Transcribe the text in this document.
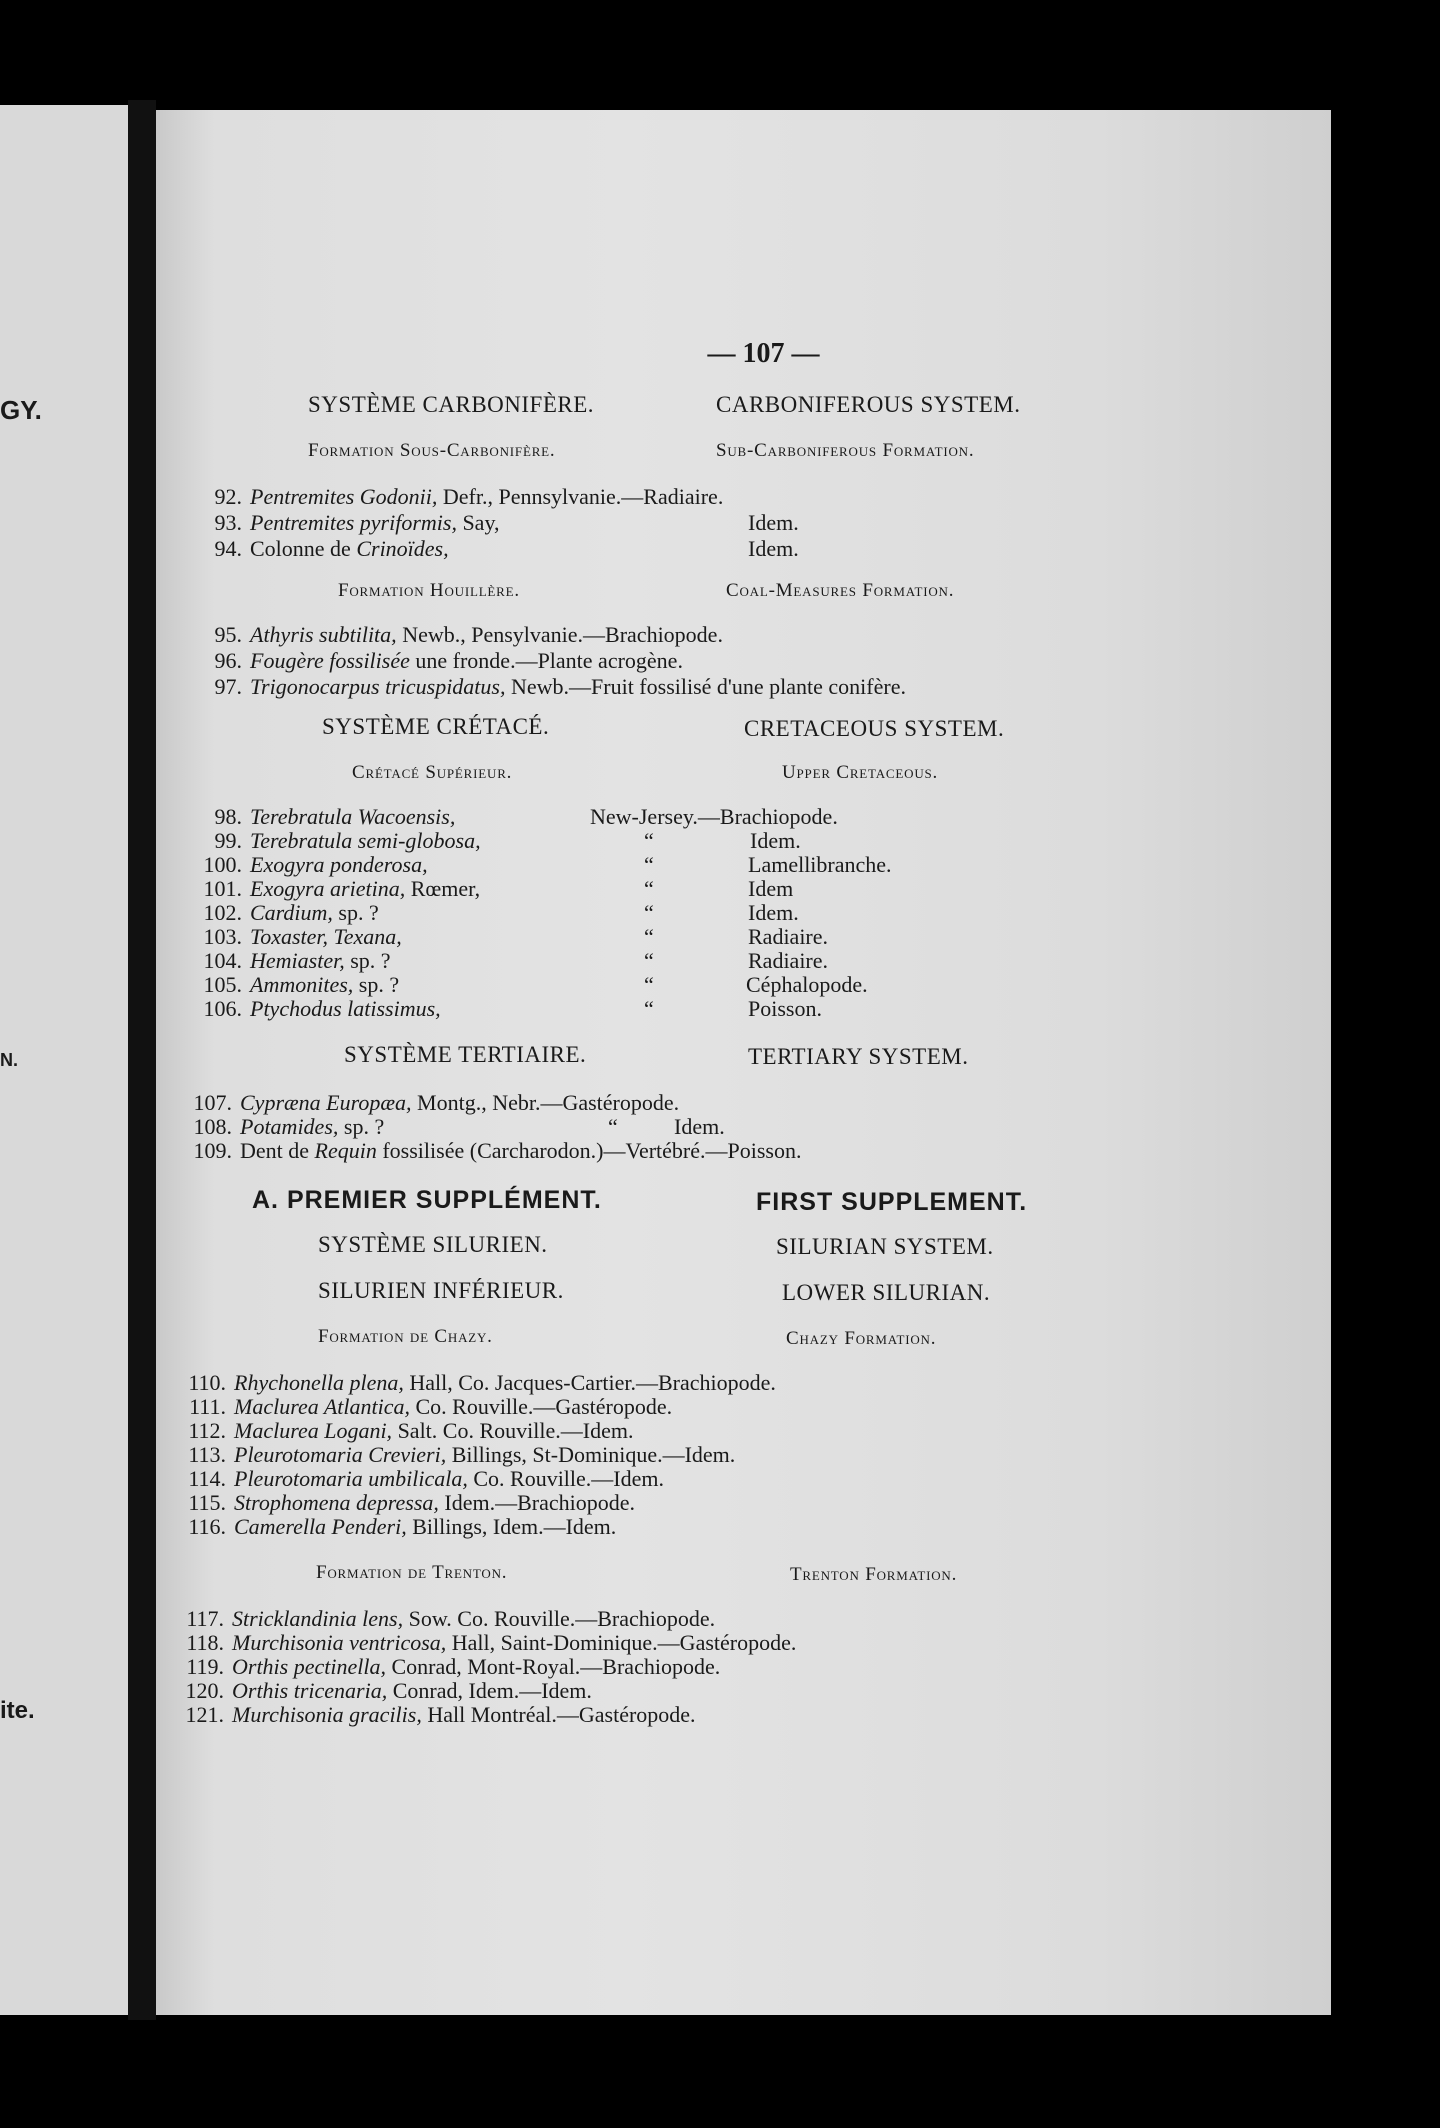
GY.
N.
ite.
— 107 —
SYSTÈME CARBONIFÈRE.	CARBONIFEROUS SYSTEM.
Formation Sous-Carbonifère.	Sub-Carboniferous Formation.
92. Pentremites Godonii, Defr., Pennsylvanie.—Radiaire.
93. Pentremites pyriformis, Say,	Idem.
94. Colonne de Crinoïdes,	Idem.
Formation Houillère.	Coal-Measures Formation.
95. Athyris subtilita, Newb., Pensylvanie.—Brachiopode.
96. Fougère fossilisée une fronde.—Plante acrogène.
97. Trigonocarpus tricuspidatus, Newb.—Fruit fossilisé d'une plante conifère.
SYSTÈME CRÉTACÉ.	CRETACEOUS SYSTEM.
Crétacé Supérieur.	Upper Cretaceous.
98. Terebratula Wacoensis,	New-Jersey.—Brachiopode.
99. Terebratula semi-globosa,	“	Idem.
100. Exogyra ponderosa,	“	Lamellibranche.
101. Exogyra arietina, Rœmer,	“	Idem
102. Cardium, sp. ?	“	Idem.
103. Toxaster, Texana,	“	Radiaire.
104. Hemiaster, sp. ?	“	Radiaire.
105. Ammonites, sp. ?	“	Céphalopode.
106. Ptychodus latissimus,	“	Poisson.
SYSTÈME TERTIAIRE.	TERTIARY SYSTEM.
107. Cypræna Europæa, Montg., Nebr.—Gastéropode.
108. Potamides, sp. ?	“	Idem.
109. Dent de Requin fossilisée (Carcharodon.)—Vertébré.—Poisson.
A. PREMIER SUPPLÉMENT.	FIRST SUPPLEMENT.
SYSTÈME SILURIEN.	SILURIAN SYSTEM.
SILURIEN INFÉRIEUR.	LOWER SILURIAN.
Formation de Chazy.	Chazy Formation.
110. Rhychonella plena, Hall, Co. Jacques-Cartier.—Brachiopode.
111. Maclurea Atlantica, Co. Rouville.—Gastéropode.
112. Maclurea Logani, Salt. Co. Rouville.—Idem.
113. Pleurotomaria Crevieri, Billings, St-Dominique.—Idem.
114. Pleurotomaria umbilicala, Co. Rouville.—Idem.
115. Strophomena depressa, Idem.—Brachiopode.
116. Camerella Penderi, Billings, Idem.—Idem.
Formation de Trenton.	Trenton Formation.
117. Stricklandinia lens, Sow. Co. Rouville.—Brachiopode.
118. Murchisonia ventricosa, Hall, Saint-Dominique.—Gastéropode.
119. Orthis pectinella, Conrad, Mont-Royal.—Brachiopode.
120. Orthis tricenaria, Conrad, Idem.—Idem.
121. Murchisonia gracilis, Hall Montréal.—Gastéropode.
